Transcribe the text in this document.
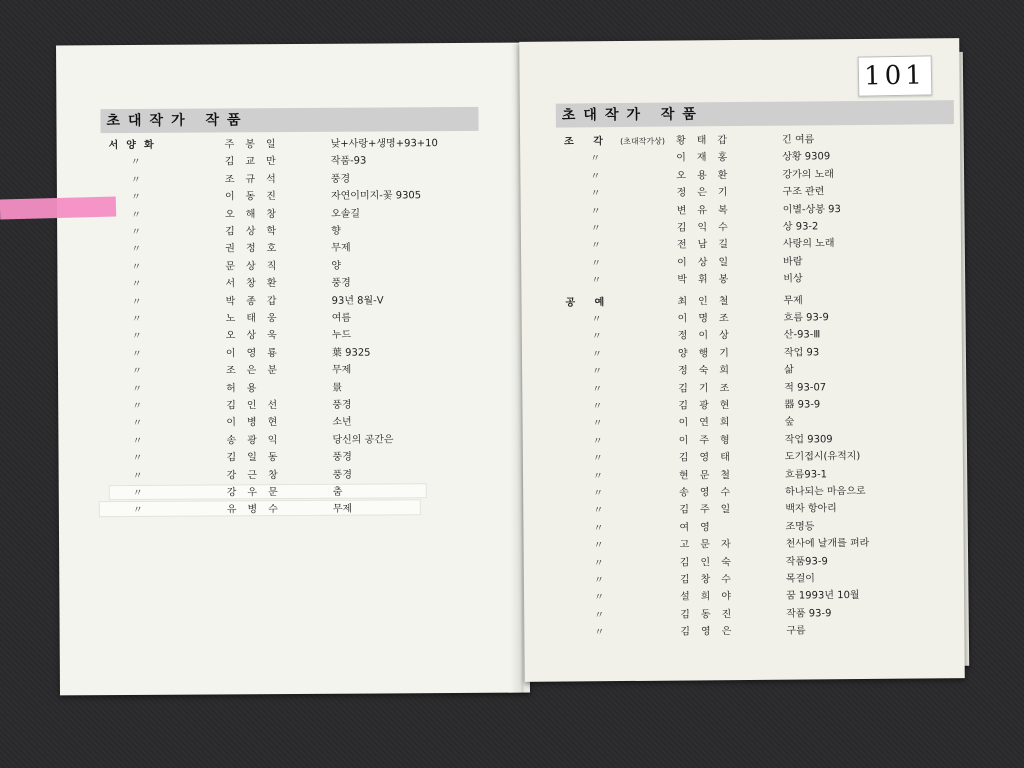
초대작가 작품
서양화	주봉일	낮+사랑+생명+93+10
〃	김교만	작품-93
〃	조규석	풍경
〃	이동진	자연이미지-꽃 9305
〃	오해창	오솔길
〃	김상학	향
〃	권정호	무제
〃	문상직	양
〃	서창환	풍경
〃	박종갑	93년 8월-Ⅴ
〃	노태웅	여름
〃	오상욱	누드
〃	이영룡	葉 9325
〃	조은분	무제
〃	허용	景
〃	김인선	풍경
〃	이병현	소년
〃	송광익	당신의 공간은
〃	김일동	풍경
〃	강근창	풍경
〃	강우문	춤
〃	유병수	무제
초대작가 작품
조 각 (초대작가상) 황태갑	긴 여름
〃	이재홍	상황 9309
〃	오용환	강가의 노래
〃	정은기	구조 관련
〃	변유복	이별-상봉 93
〃	김익수	상 93-2
〃	전남길	사랑의 노래
〃	이상일	바람
〃	박휘봉	비상
공 예	최인철	무제
〃	이명조	흐름 93-9
〃	정이상	산-93-Ⅲ
〃	양행기	작업 93
〃	정숙희	삶
〃	김기조	적 93-07
〃	김광현	器 93-9
〃	이연희	숲
〃	이주형	작업 9309
〃	김영태	도기접시(유적지)
〃	현문철	흐름93-1
〃	송영수	하나되는 마음으로
〃	김주일	백자 항아리
〃	여영	조명등
〃	고문자	천사에 날개를 펴라
〃	김인숙	작품93-9
〃	김창수	목걸이
〃	설희야	꿈 1993년 10월
〃	김동진	작품 93-9
〃	김영은	구름
101
